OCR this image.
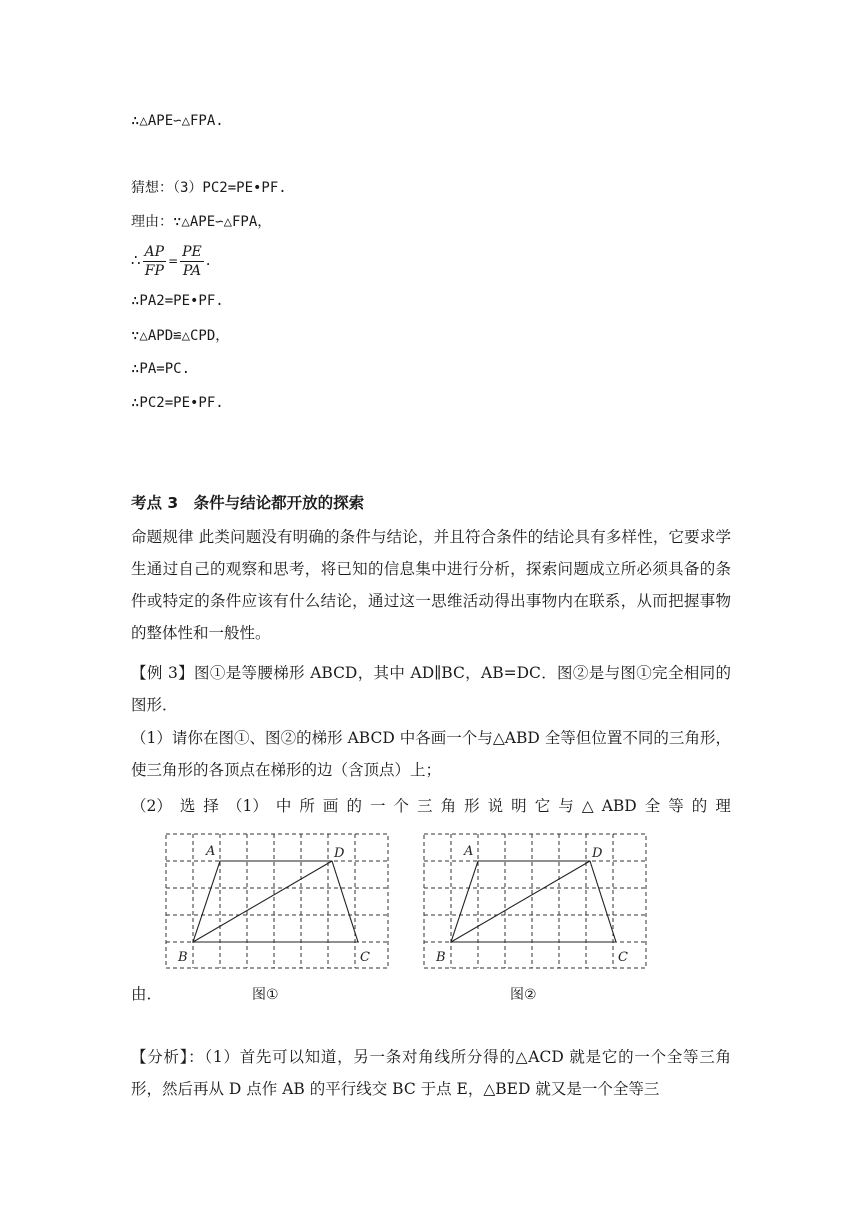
∴△APE∽△FPA.
猜想：（3）PC2=PE•PF.
理由：∵△APE∽△FPA，
∴ $\frac{AP}{FP} = \frac{PE}{PA}$ .
∴PA2=PE•PF.
∵△APD≌△CPD，
∴PA=PC.
∴PC2=PE•PF.
考点 3　条件与结论都开放的探索
命题规律 此类问题没有明确的条件与结论，并且符合条件的结论具有多样性，它要求学生通过自己的观察和思考，将已知的信息集中进行分析，探索问题成立所必须具备的条件或特定的条件应该有什么结论，通过这一思维活动得出事物内在联系，从而把握事物的整体性和一般性。
【例 3】图①是等腰梯形 ABCD，其中 AD∥BC，AB=DC．图②是与图①完全相同的图形．
（1）请你在图①、图②的梯形 ABCD 中各画一个与△ABD 全等但位置不同的三角形，使三角形的各顶点在梯形的边（含顶点）上；
（2） 选 择 （1） 中 所 画 的 一 个 三 角 形 说 明 它 与 △ ABD 全 等 的 理
由．
A	D
B	C
图①
A	D
B	C
图②
【分析】：（1）首先可以知道，另一条对角线所分得的△ACD 就是它的一个全等三角形，然后再从 D 点作 AB 的平行线交 BC 于点 E，△BED 就又是一个全等三
